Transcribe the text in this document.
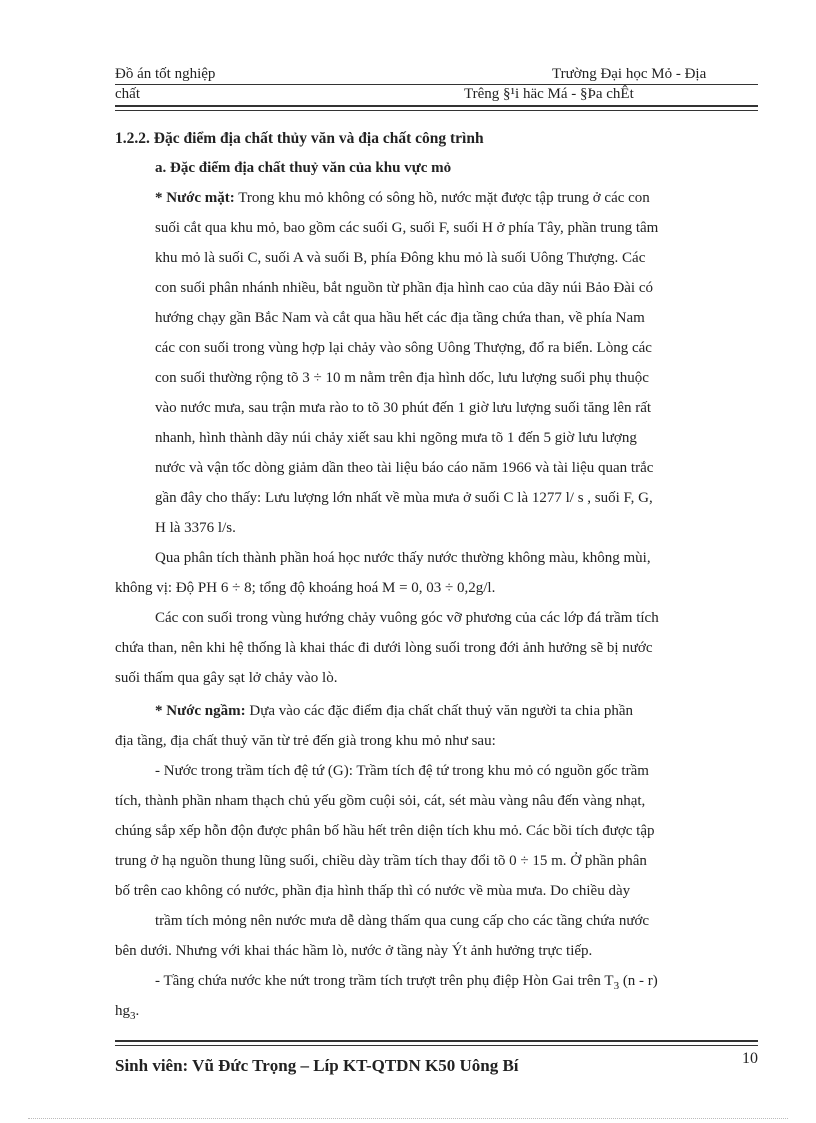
Đồ án tốt nghiệp	Trường Đại học Mỏ - Địa
chất	Trêng §¹i häc Má - §Þa chÊt
1.2.2. Đặc điểm địa chất thủy văn và địa chất công trình
a. Đặc điểm địa chất thuỷ văn của khu vực mỏ
* Nước mặt: Trong khu mỏ không có sông hồ, nước mặt được tập trung ở các con
suối cắt qua khu mỏ, bao gồm các suối G, suối F, suối H ở phía Tây, phần trung tâm
khu mỏ là suối C, suối A và suối B, phía Đông khu mỏ là suối Uông Thượng. Các
con suối phân nhánh nhiều, bắt nguồn từ phần địa hình cao của dãy núi Bảo Đài có
hướng chạy gần Bắc Nam và cắt qua hầu hết các địa tầng chứa than, về phía Nam
các con suối trong vùng hợp lại chảy vào sông Uông Thượng, đổ ra biển. Lòng các
con suối thường rộng tõ 3 ÷ 10 m nằm trên địa hình dốc, lưu lượng suối phụ thuộc
vào nước mưa, sau trận mưa rào to tõ 30 phút đến 1 giờ lưu lượng suối tăng lên rất
nhanh, hình thành dãy núi chảy xiết sau khi ngõng mưa tõ 1 đến 5 giờ lưu lượng
nước và vận tốc dòng giảm dần theo tài liệu báo cáo năm 1966 và tài liệu quan trắc
gần đây cho thấy: Lưu lượng lớn nhất về mùa mưa ở suối C là 1277 l/ s , suối F, G,
H là 3376 l/s.
Qua phân tích thành phần hoá học nước thấy nước thường không màu, không mùi,
không vị: Độ PH 6 ÷ 8; tổng độ khoáng hoá M = 0, 03 ÷ 0,2g/l.
Các con suối trong vùng hướng chảy vuông góc vỡ phương của các lớp đá trầm tích
chứa than, nên khi hệ thống là khai thác đi dưới lòng suối trong đới ảnh hưởng sẽ bị nước
suối thấm qua gây sạt lở chảy vào lò.
* Nước ngầm: Dựa vào các đặc điểm địa chất chất thuỷ văn người ta chia phần
địa tầng, địa chất thuỷ văn từ trẻ đến già trong khu mỏ như sau:
- Nước trong trầm tích đệ tứ (G): Trầm tích đệ tứ trong khu mỏ có nguồn gốc trầm
tích, thành phần nham thạch chủ yếu gồm cuội sỏi, cát, sét màu vàng nâu đến vàng nhạt,
chúng sắp xếp hỗn độn được phân bố hầu hết trên diện tích khu mỏ. Các bồi tích được tập
trung ở hạ nguồn thung lũng suối, chiều dày trầm tích thay đổi tõ 0 ÷ 15 m. Ở phần phân
bố trên cao không có nước, phần địa hình thấp thì có nước về mùa mưa. Do chiều dày
trầm tích mỏng nên nước mưa dễ dàng thấm qua cung cấp cho các tầng chứa nước
bên dưới. Nhưng với khai thác hầm lò, nước ở tầng này Ýt ảnh hưởng trực tiếp.
- Tầng chứa nước khe nứt trong trầm tích trượt trên phụ điệp Hòn Gai trên $T_3$ (n - r)
$hg_3$.
10
Sinh viên: Vũ Đức Trọng – Líp KT-QTDN K50 Uông Bí
